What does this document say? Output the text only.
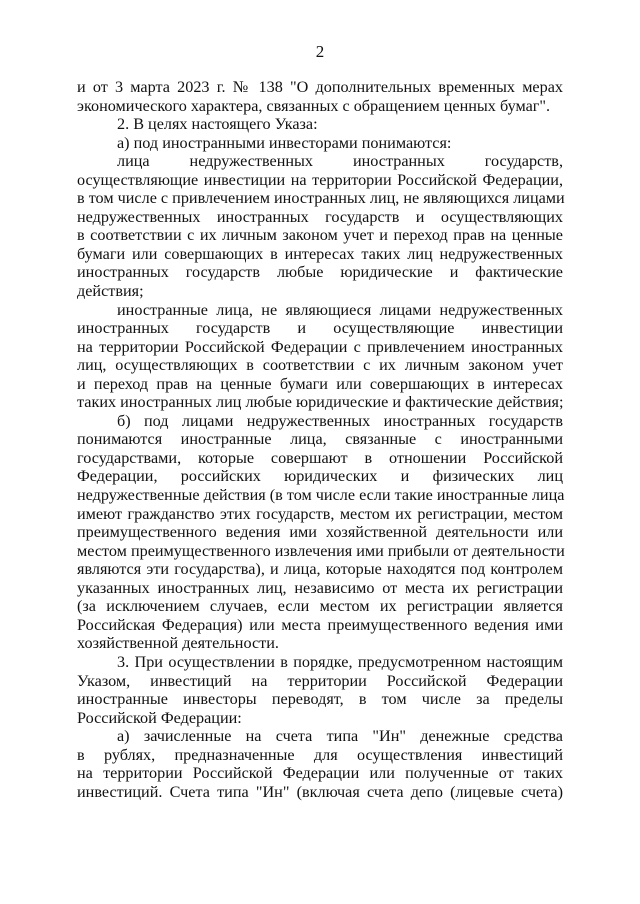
2
и от 3 марта 2023 г. № 138 "О дополнительных временных мерах
экономического характера, связанных с обращением ценных бумаг".
2. В целях настоящего Указа:
а) под иностранными инвесторами понимаются:
лица недружественных иностранных государств,
осуществляющие инвестиции на территории Российской Федерации,
в том числе с привлечением иностранных лиц, не являющихся лицами
недружественных иностранных государств и осуществляющих
в соответствии с их личным законом учет и переход прав на ценные
бумаги или совершающих в интересах таких лиц недружественных
иностранных государств любые юридические и фактические
действия;
иностранные лица, не являющиеся лицами недружественных
иностранных государств и осуществляющие инвестиции
на территории Российской Федерации с привлечением иностранных
лиц, осуществляющих в соответствии с их личным законом учет
и переход прав на ценные бумаги или совершающих в интересах
таких иностранных лиц любые юридические и фактические действия;
б) под лицами недружественных иностранных государств
понимаются иностранные лица, связанные с иностранными
государствами, которые совершают в отношении Российской
Федерации, российских юридических и физических лиц
недружественные действия (в том числе если такие иностранные лица
имеют гражданство этих государств, местом их регистрации, местом
преимущественного ведения ими хозяйственной деятельности или
местом преимущественного извлечения ими прибыли от деятельности
являются эти государства), и лица, которые находятся под контролем
указанных иностранных лиц, независимо от места их регистрации
(за исключением случаев, если местом их регистрации является
Российская Федерация) или места преимущественного ведения ими
хозяйственной деятельности.
3. При осуществлении в порядке, предусмотренном настоящим
Указом, инвестиций на территории Российской Федерации
иностранные инвесторы переводят, в том числе за пределы
Российской Федерации:
а) зачисленные на счета типа "Ин" денежные средства
в рублях, предназначенные для осуществления инвестиций
на территории Российской Федерации или полученные от таких
инвестиций. Счета типа "Ин" (включая счета депо (лицевые счета)
